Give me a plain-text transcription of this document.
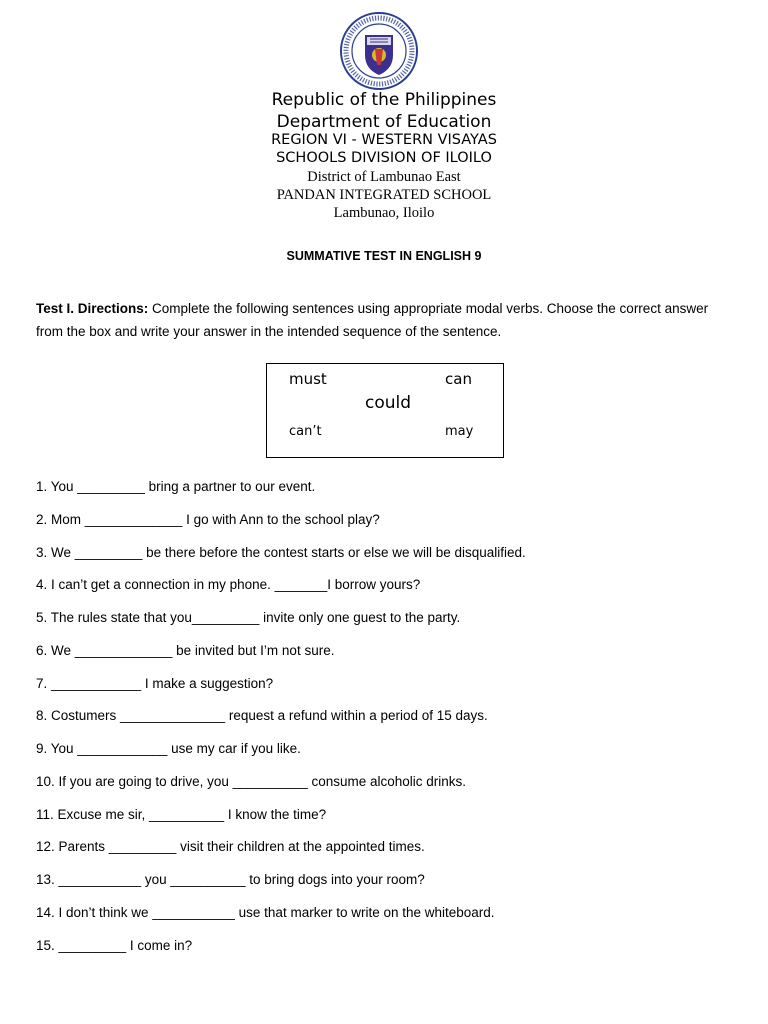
Republic of the Philippines
Department of Education
REGION VI - WESTERN VISAYAS
SCHOOLS DIVISION OF ILOILO
District of Lambunao East
PANDAN INTEGRATED SCHOOL
Lambunao, Iloilo
SUMMATIVE TEST IN ENGLISH 9
Test I. Directions: Complete the following sentences using appropriate modal verbs. Choose the correct answer from the box and write your answer in the intended sequence of the sentence.
must	can
could
can’t	may
1. You _________ bring a partner to our event.
2. Mom _____________ I go with Ann to the school play?
3. We _________ be there before the contest starts or else we will be disqualified.
4. I can’t get a connection in my phone. _______I borrow yours?
5. The rules state that you_________ invite only one guest to the party.
6. We _____________ be invited but I’m not sure.
7. ____________ I make a suggestion?
8. Costumers ______________ request a refund within a period of 15 days.
9. You ____________ use my car if you like.
10. If you are going to drive, you __________ consume alcoholic drinks.
11. Excuse me sir, __________ I know the time?
12. Parents _________ visit their children at the appointed times.
13. ___________ you __________ to bring dogs into your room?
14. I don’t think we ___________ use that marker to write on the whiteboard.
15. _________ I come in?
